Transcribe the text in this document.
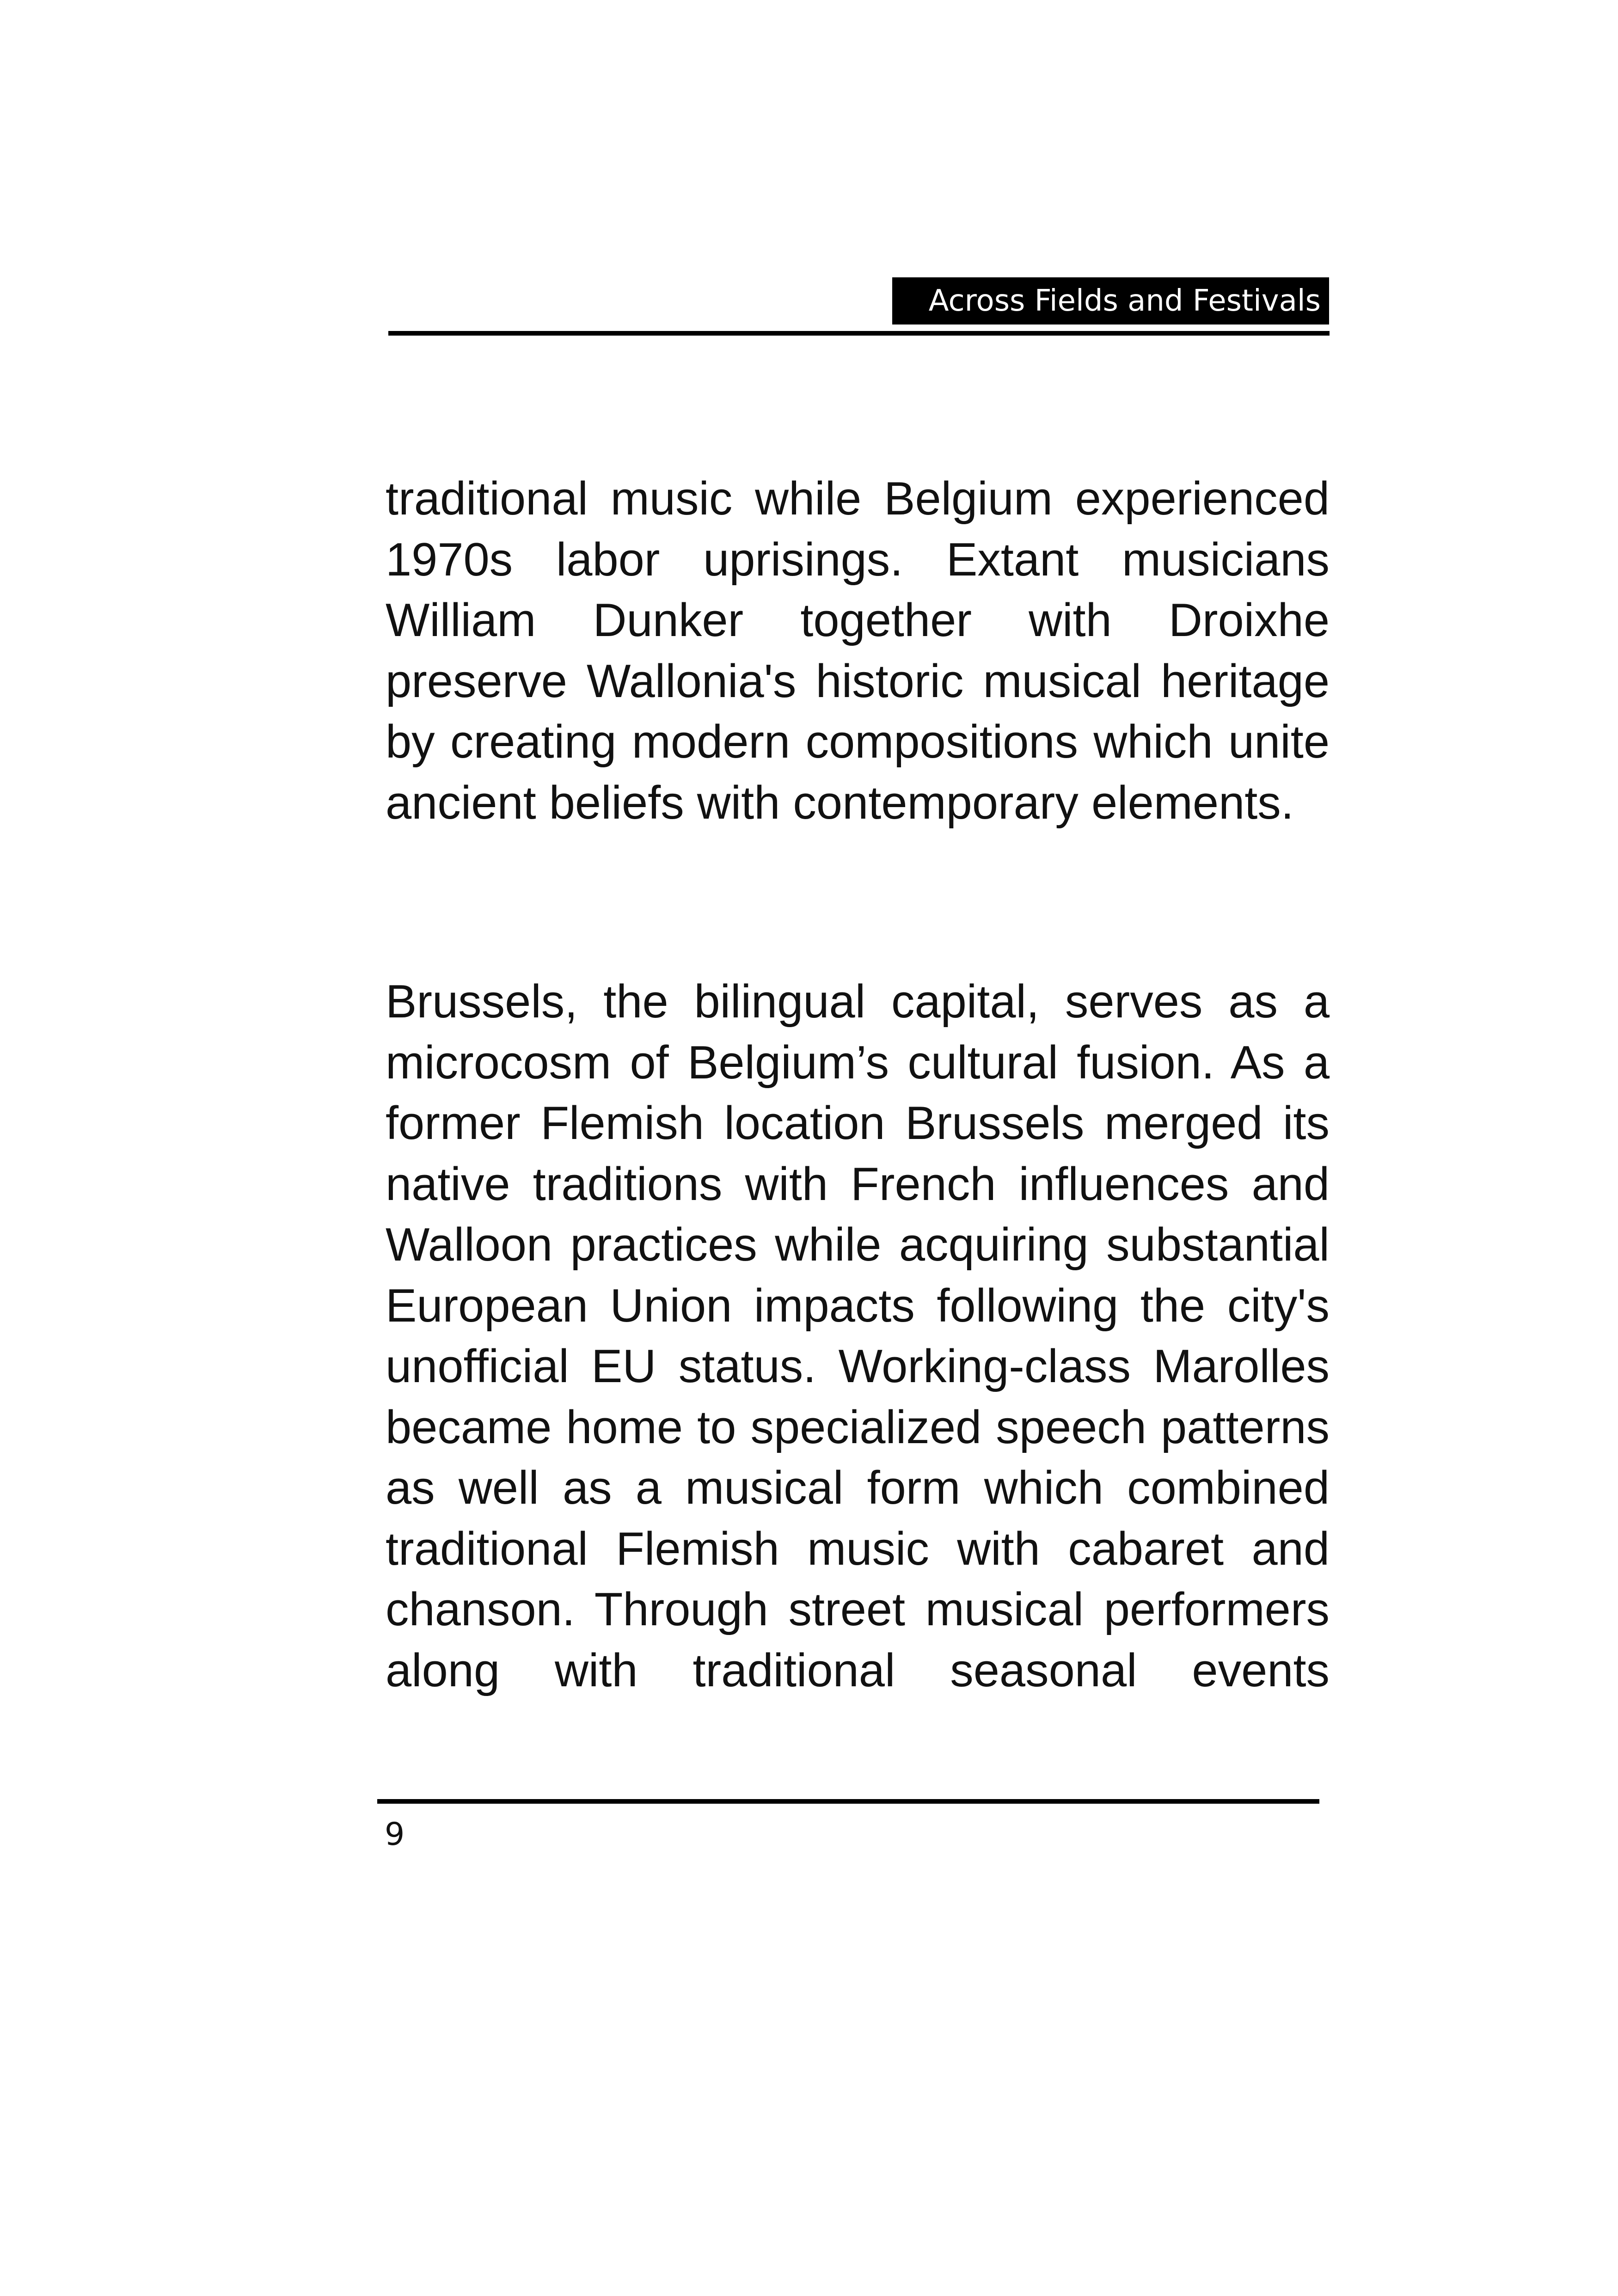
Across Fields and Festivals

traditional music while Belgium experienced 1970s labor uprisings. Extant musicians William Dunker together with Droixhe preserve Wallonia's historic musical heritage by creating modern compositions which unite ancient beliefs with contemporary elements.

Brussels, the bilingual capital, serves as a microcosm of Belgium’s cultural fusion. As a former Flemish location Brussels merged its native traditions with French influences and Walloon practices while acquiring substantial European Union impacts following the city's unofficial EU status. Working-class Marolles became home to specialized speech patterns as well as a musical form which combined traditional Flemish music with cabaret and chanson. Through street musical performers along with traditional seasonal events

9
